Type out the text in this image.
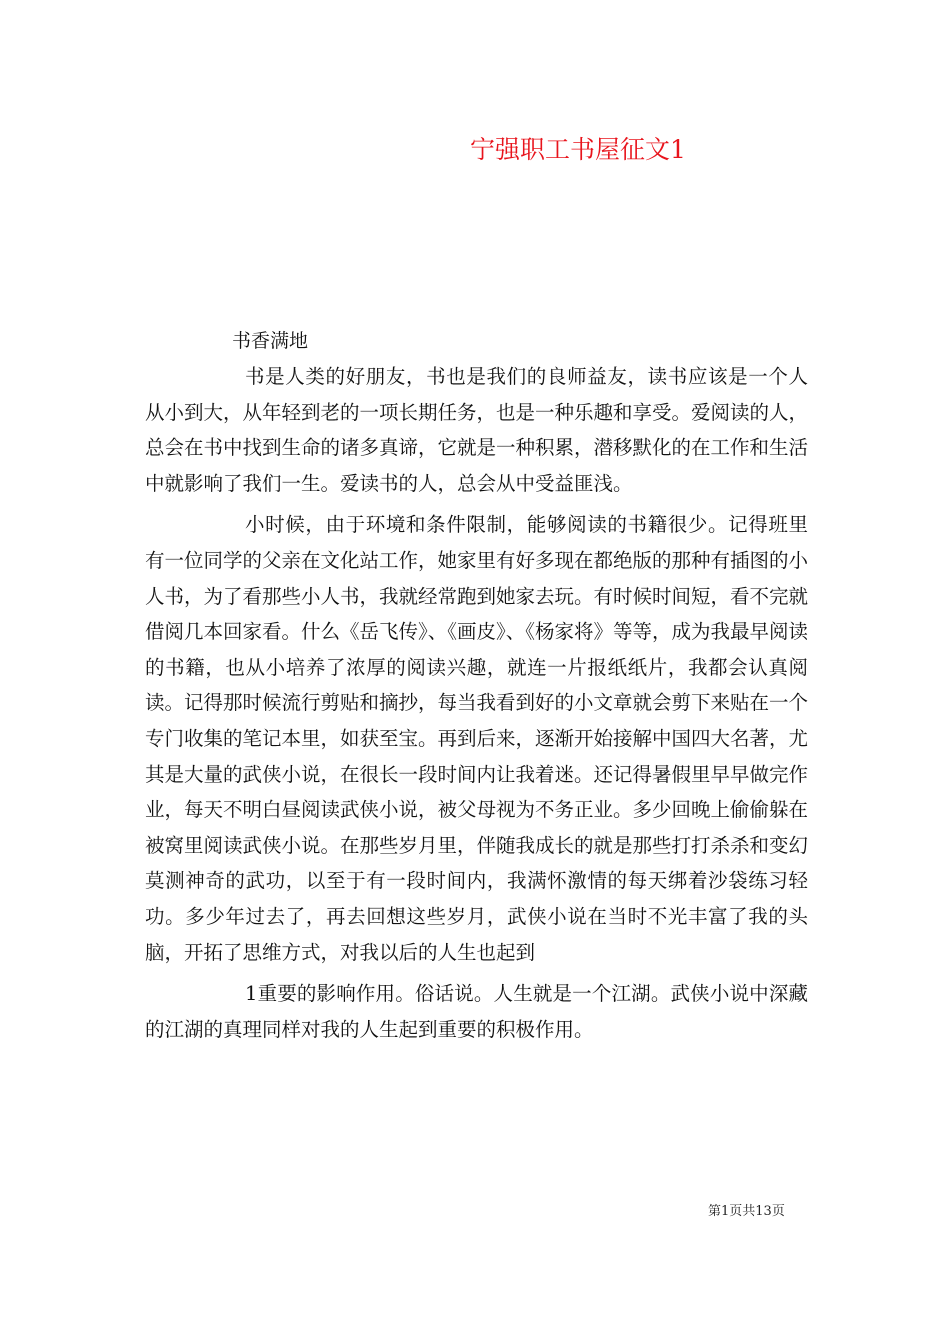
宁强职工书屋征文1
书香满地

书是人类的好朋友，书也是我们的良师益友，读书应该是一个人从小到大，从年轻到老的一项长期任务，也是一种乐趣和享受。爱阅读的人，总会在书中找到生命的诸多真谛，它就是一种积累，潜移默化的在工作和生活中就影响了我们一生。爱读书的人，总会从中受益匪浅。

小时候，由于环境和条件限制，能够阅读的书籍很少。记得班里有一位同学的父亲在文化站工作，她家里有好多现在都绝版的那种有插图的小人书，为了看那些小人书，我就经常跑到她家去玩。有时候时间短，看不完就借阅几本回家看。什么《岳飞传》、《画皮》、《杨家将》等等，成为我最早阅读的书籍，也从小培养了浓厚的阅读兴趣，就连一片报纸纸片，我都会认真阅读。记得那时候流行剪贴和摘抄，每当我看到好的小文章就会剪下来贴在一个专门收集的笔记本里，如获至宝。再到后来，逐渐开始接解中国四大名著，尤其是大量的武侠小说，在很长一段时间内让我着迷。还记得暑假里早早做完作业，每天不明白昼阅读武侠小说，被父母视为不务正业。多少回晚上偷偷躲在被窝里阅读武侠小说。在那些岁月里，伴随我成长的就是那些打打杀杀和变幻莫测神奇的武功，以至于有一段时间内，我满怀激情的每天绑着沙袋练习轻功。多少年过去了，再去回想这些岁月，武侠小说在当时不光丰富了我的头脑，开拓了思维方式，对我以后的人生也起到

1重要的影响作用。俗话说。人生就是一个江湖。武侠小说中深藏的江湖的真理同样对我的人生起到重要的积极作用。

第1页共13页
